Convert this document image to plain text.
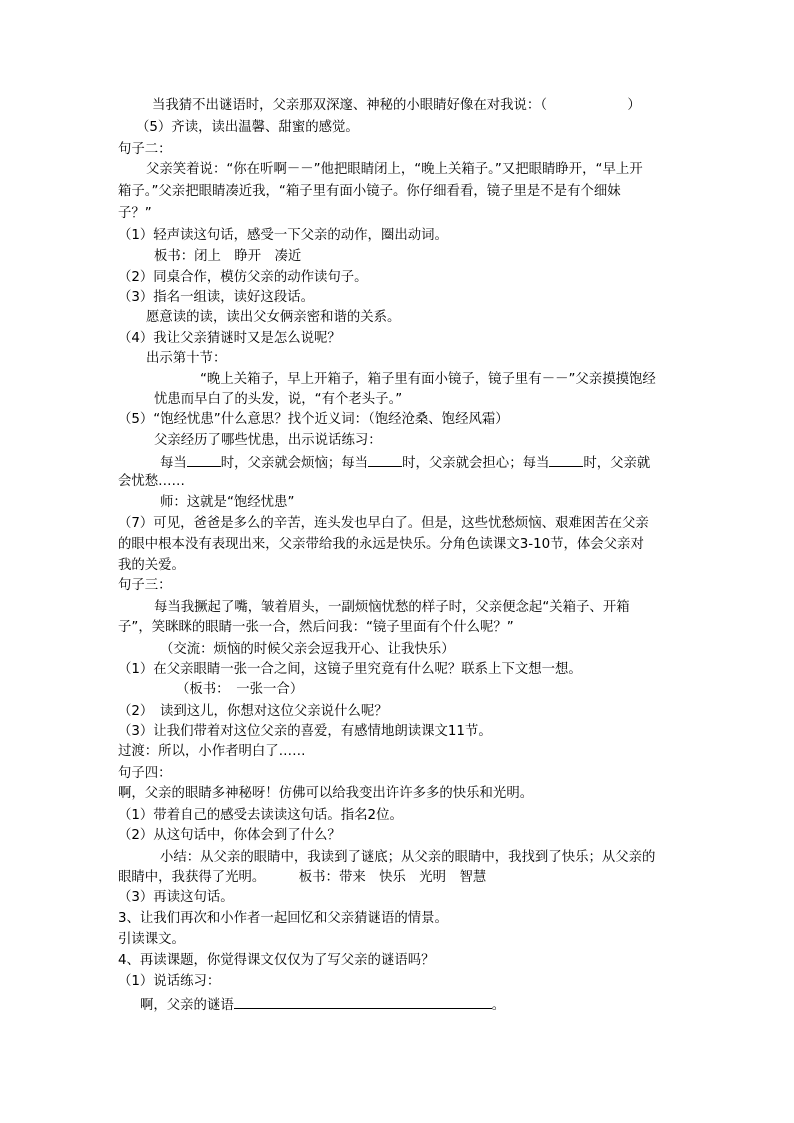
当我猜不出谜语时，父亲那双深邃、神秘的小眼睛好像在对我说：（　　　　　　）
（5）齐读，读出温馨、甜蜜的感觉。
句子二：
父亲笑着说：“你在听啊－－”他把眼睛闭上，“晚上关箱子。”又把眼睛睁开，“早上开
箱子。”父亲把眼睛凑近我，“箱子里有面小镜子。你仔细看看，镜子里是不是有个细妹
子？”
（1）轻声读这句话，感受一下父亲的动作，圈出动词。
板书：闭上　睁开　凑近
（2）同桌合作，模仿父亲的动作读句子。
（3）指名一组读，读好这段话。
愿意读的读，读出父女俩亲密和谐的关系。
（4）我让父亲猜谜时又是怎么说呢？
出示第十节：
“晚上关箱子，早上开箱子，箱子里有面小镜子，镜子里有－－”父亲摸摸饱经
忧患而早白了的头发，说，“有个老头子。”
（5）“饱经忧患”什么意思？找个近义词：（饱经沧桑、饱经风霜）
父亲经历了哪些忧患，出示说话练习：
每当	时，父亲就会烦恼；每当	时，父亲就会担心；每当	时，父亲就
会忧愁……
师：这就是“饱经忧患”
（7）可见，爸爸是多么的辛苦，连头发也早白了。但是，这些忧愁烦恼、艰难困苦在父亲
的眼中根本没有表现出来，父亲带给我的永远是快乐。分角色读课文3-10节，体会父亲对
我的关爱。
句子三：
每当我撅起了嘴，皱着眉头，一副烦恼忧愁的样子时，父亲便念起“关箱子、开箱
子”，笑眯眯的眼睛一张一合，然后问我：“镜子里面有个什么呢？”
（交流：烦恼的时候父亲会逗我开心、让我快乐）
（1）在父亲眼睛一张一合之间，这镜子里究竟有什么呢？联系上下文想一想。
（板书：　一张一合）
（2）　读到这儿，你想对这位父亲说什么呢？
（3）让我们带着对这位父亲的喜爱，有感情地朗读课文11节。
过渡：所以，小作者明白了……
句子四：
啊，父亲的眼睛多神秘呀！仿佛可以给我变出许许多多的快乐和光明。
（1）带着自己的感受去读读这句话。指名2位。
（2）从这句话中，你体会到了什么？
小结：从父亲的眼睛中，我读到了谜底；从父亲的眼睛中，我找到了快乐；从父亲的
眼睛中，我获得了光明。　　　板书：带来　快乐　光明　智慧
（3）再读这句话。
3、让我们再次和小作者一起回忆和父亲猜谜语的情景。
引读课文。
4、再读课题，你觉得课文仅仅为了写父亲的谜语吗？
（1）说话练习：
啊，父亲的谜语	。
